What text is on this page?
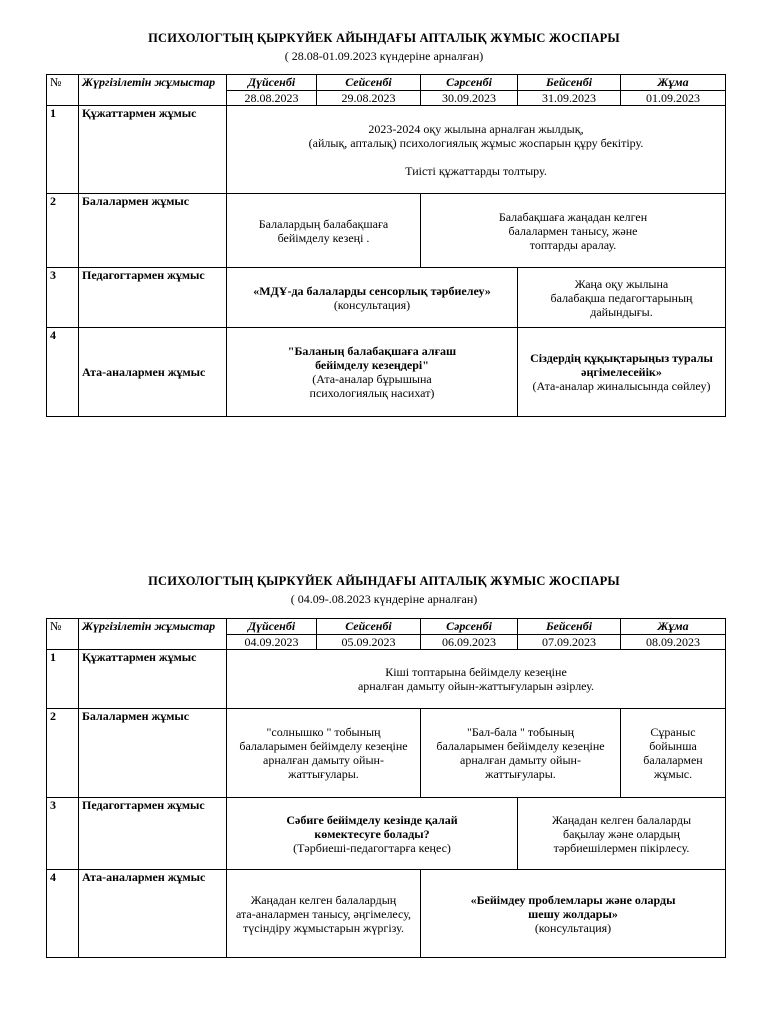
ПСИХОЛОГТЫҢ ҚЫРКҮЙЕК АЙЫНДАҒЫ АПТАЛЫҚ ЖҰМЫС ЖОСПАРЫ
( 28.08-01.09.2023 күндеріне арналған)
№	Жүргізілетін жұмыстар	Дүйсенбі	Сейсенбі	Сәрсенбі	Бейсенбі	Жұма
		28.08.2023	29.08.2023	30.09.2023	31.09.2023	01.09.2023
1	Құжаттармен жұмыс	2023-2024 оқу жылына арналған жылдық,
(айлық, апталық) психологиялық жұмыс жоспарын құру бекітіру.
Тиісті құжаттарды толтыру.				
2	Балалармен жұмыс	Балалардың балабақшаға
бейімделу кезеңі .		Балабақшаға жаңадан келген
балалармен танысу, және
топтарды аралау.		
3	Педагогтармен жұмыс	«МДҰ-да балаларды сенсорлық тәрбиелеу»
(консультация)			Жаңа оқу жылына
балабақша педагогтарының
дайындығы.	
4	Ата-аналармен жұмыс	"Баланың балабақшаға алғаш
бейімделу кезеңдері"
(Ата-аналар бұрышына
психологиялық насихат)			Сіздердің құқықтарыңыз туралы
әңгімелесейік»
(Ата-аналар жиналысында сөйлеу)	
ПСИХОЛОГТЫҢ ҚЫРКҮЙЕК АЙЫНДАҒЫ АПТАЛЫҚ ЖҰМЫС ЖОСПАРЫ
( 04.09-.08.2023 күндеріне арналған)
№	Жүргізілетін жұмыстар	Дүйсенбі	Сейсенбі	Сәрсенбі	Бейсенбі	Жұма
		04.09.2023	05.09.2023	06.09.2023	07.09.2023	08.09.2023
1	Құжаттармен жұмыс	Кіші топтарына бейімделу кезеңіне
арналған дамыту ойын-жаттығуларын әзірлеу.				
2	Балалармен жұмыс	"солнышко " тобының
балаларымен бейімделу кезеңіне
арналған дамыту ойын-
жаттығулары.		"Бал-бала " тобының
балаларымен бейімделу кезеңіне
арналған дамыту ойын-
жаттығулары.		Сұраныс
бойынша
балалармен
жұмыс.
3	Педагогтармен жұмыс	Сәбиге бейімделу кезінде қалай
көмектесуге болады?
(Тәрбиеші-педагогтарға кеңес)			Жаңадан келген балаларды
бақылау және олардың
тәрбиешілермен пікірлесу.	
4	Ата-аналармен жұмыс	Жаңадан келген балалардың
ата-аналармен танысу, әңгімелесу,
түсіндіру жұмыстарын жүргізу.		«Бейімдеу проблемлары және оларды
шешу жолдары»
(консультация)		
